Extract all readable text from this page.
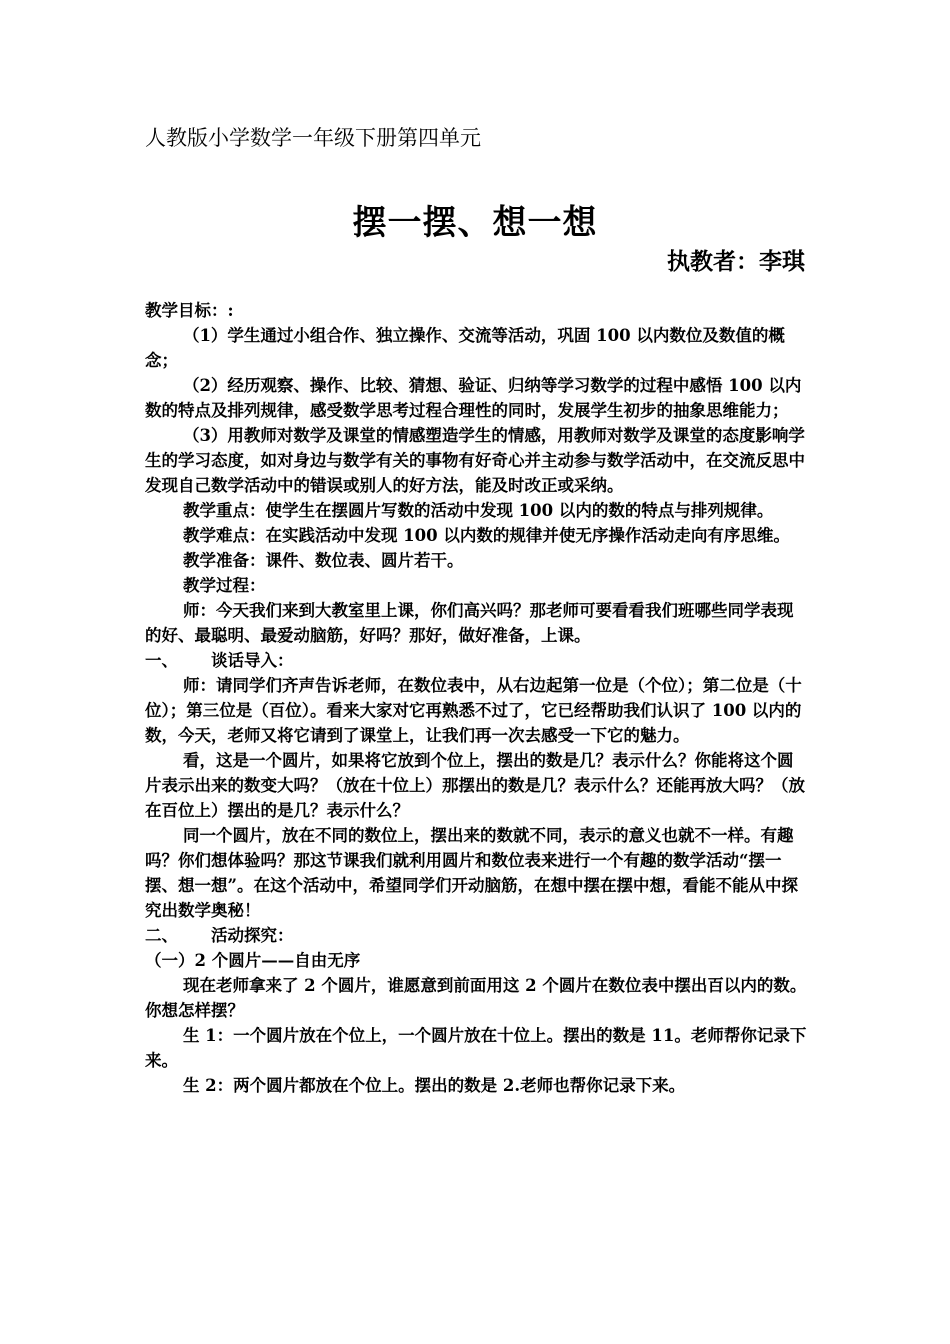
人教版小学数学一年级下册第四单元
摆一摆、想一想
执教者：李琪

教学目标：:

（1）学生通过小组合作、独立操作、交流等活动，巩固 100 以内数位及数值的概念；

（2）经历观察、操作、比较、猜想、验证、归纳等学习数学的过程中感悟 100 以内数的特点及排列规律，感受数学思考过程合理性的同时，发展学生初步的抽象思维能力；

（3）用教师对数学及课堂的情感塑造学生的情感，用教师对数学及课堂的态度影响学生的学习态度，如对身边与数学有关的事物有好奇心并主动参与数学活动中，在交流反思中发现自己数学活动中的错误或别人的好方法，能及时改正或采纳。

教学重点：使学生在摆圆片写数的活动中发现 100 以内的数的特点与排列规律。

教学难点：在实践活动中发现 100 以内数的规律并使无序操作活动走向有序思维。

教学准备：课件、数位表、圆片若干。

教学过程：

师：今天我们来到大教室里上课，你们高兴吗？那老师可要看看我们班哪些同学表现的好、最聪明、最爱动脑筋，好吗？那好，做好准备，上课。

一、 谈话导入：

师：请同学们齐声告诉老师，在数位表中，从右边起第一位是（个位）；第二位是（十位）；第三位是（百位）。看来大家对它再熟悉不过了，它已经帮助我们认识了 100 以内的数，今天，老师又将它请到了课堂上，让我们再一次去感受一下它的魅力。

看，这是一个圆片，如果将它放到个位上，摆出的数是几？表示什么？你能将这个圆片表示出来的数变大吗？（放在十位上）那摆出的数是几？表示什么？还能再放大吗？（放在百位上）摆出的是几？表示什么？

同一个圆片，放在不同的数位上，摆出来的数就不同，表示的意义也就不一样。有趣吗？你们想体验吗？那这节课我们就利用圆片和数位表来进行一个有趣的数学活动“摆一摆、想一想”。在这个活动中，希望同学们开动脑筋，在想中摆在摆中想，看能不能从中探究出数学奥秘！

二、 活动探究：

（一）2 个圆片——自由无序

现在老师拿来了 2 个圆片，谁愿意到前面用这 2 个圆片在数位表中摆出百以内的数。你想怎样摆？

生 1：一个圆片放在个位上，一个圆片放在十位上。摆出的数是 11。老师帮你记录下来。

生 2：两个圆片都放在个位上。摆出的数是 2.老师也帮你记录下来。
